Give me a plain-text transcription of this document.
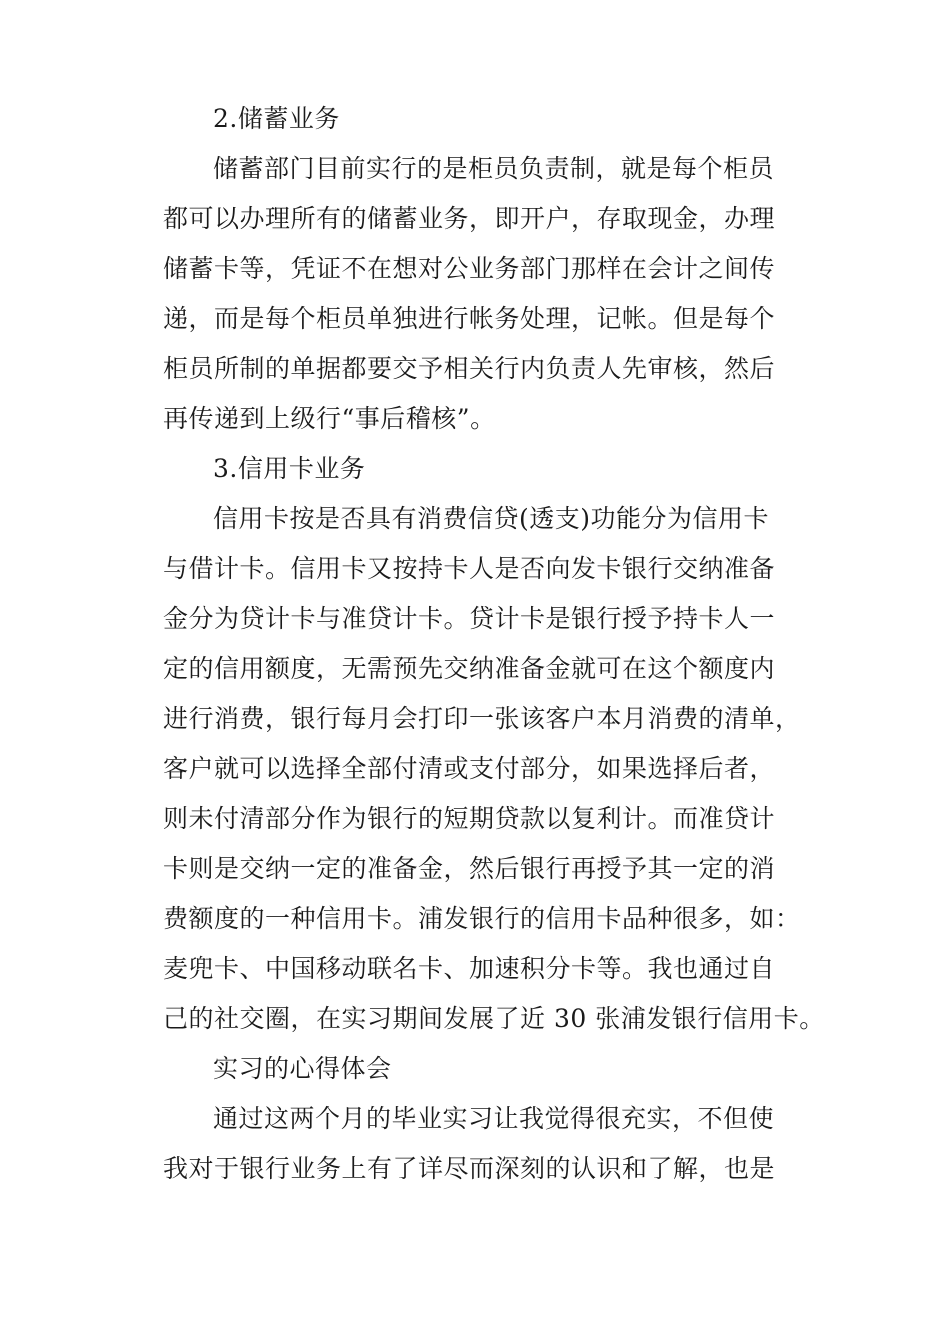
2.储蓄业务

储蓄部门目前实行的是柜员负责制，就是每个柜员

都可以办理所有的储蓄业务，即开户，存取现金，办理

储蓄卡等，凭证不在想对公业务部门那样在会计之间传

递，而是每个柜员单独进行帐务处理，记帐。但是每个

柜员所制的单据都要交予相关行内负责人先审核，然后

再传递到上级行“事后稽核”。

3.信用卡业务

信用卡按是否具有消费信贷(透支)功能分为信用卡

与借计卡。信用卡又按持卡人是否向发卡银行交纳准备

金分为贷计卡与准贷计卡。贷计卡是银行授予持卡人一

定的信用额度，无需预先交纳准备金就可在这个额度内

进行消费，银行每月会打印一张该客户本月消费的清单，

客户就可以选择全部付清或支付部分，如果选择后者，

则未付清部分作为银行的短期贷款以复利计。而准贷计

卡则是交纳一定的准备金，然后银行再授予其一定的消

费额度的一种信用卡。浦发银行的信用卡品种很多，如：

麦兜卡、中国移动联名卡、加速积分卡等。我也通过自

己的社交圈，在实习期间发展了近 30 张浦发银行信用卡。

实习的心得体会

通过这两个月的毕业实习让我觉得很充实，不但使

我对于银行业务上有了详尽而深刻的认识和了解，也是
